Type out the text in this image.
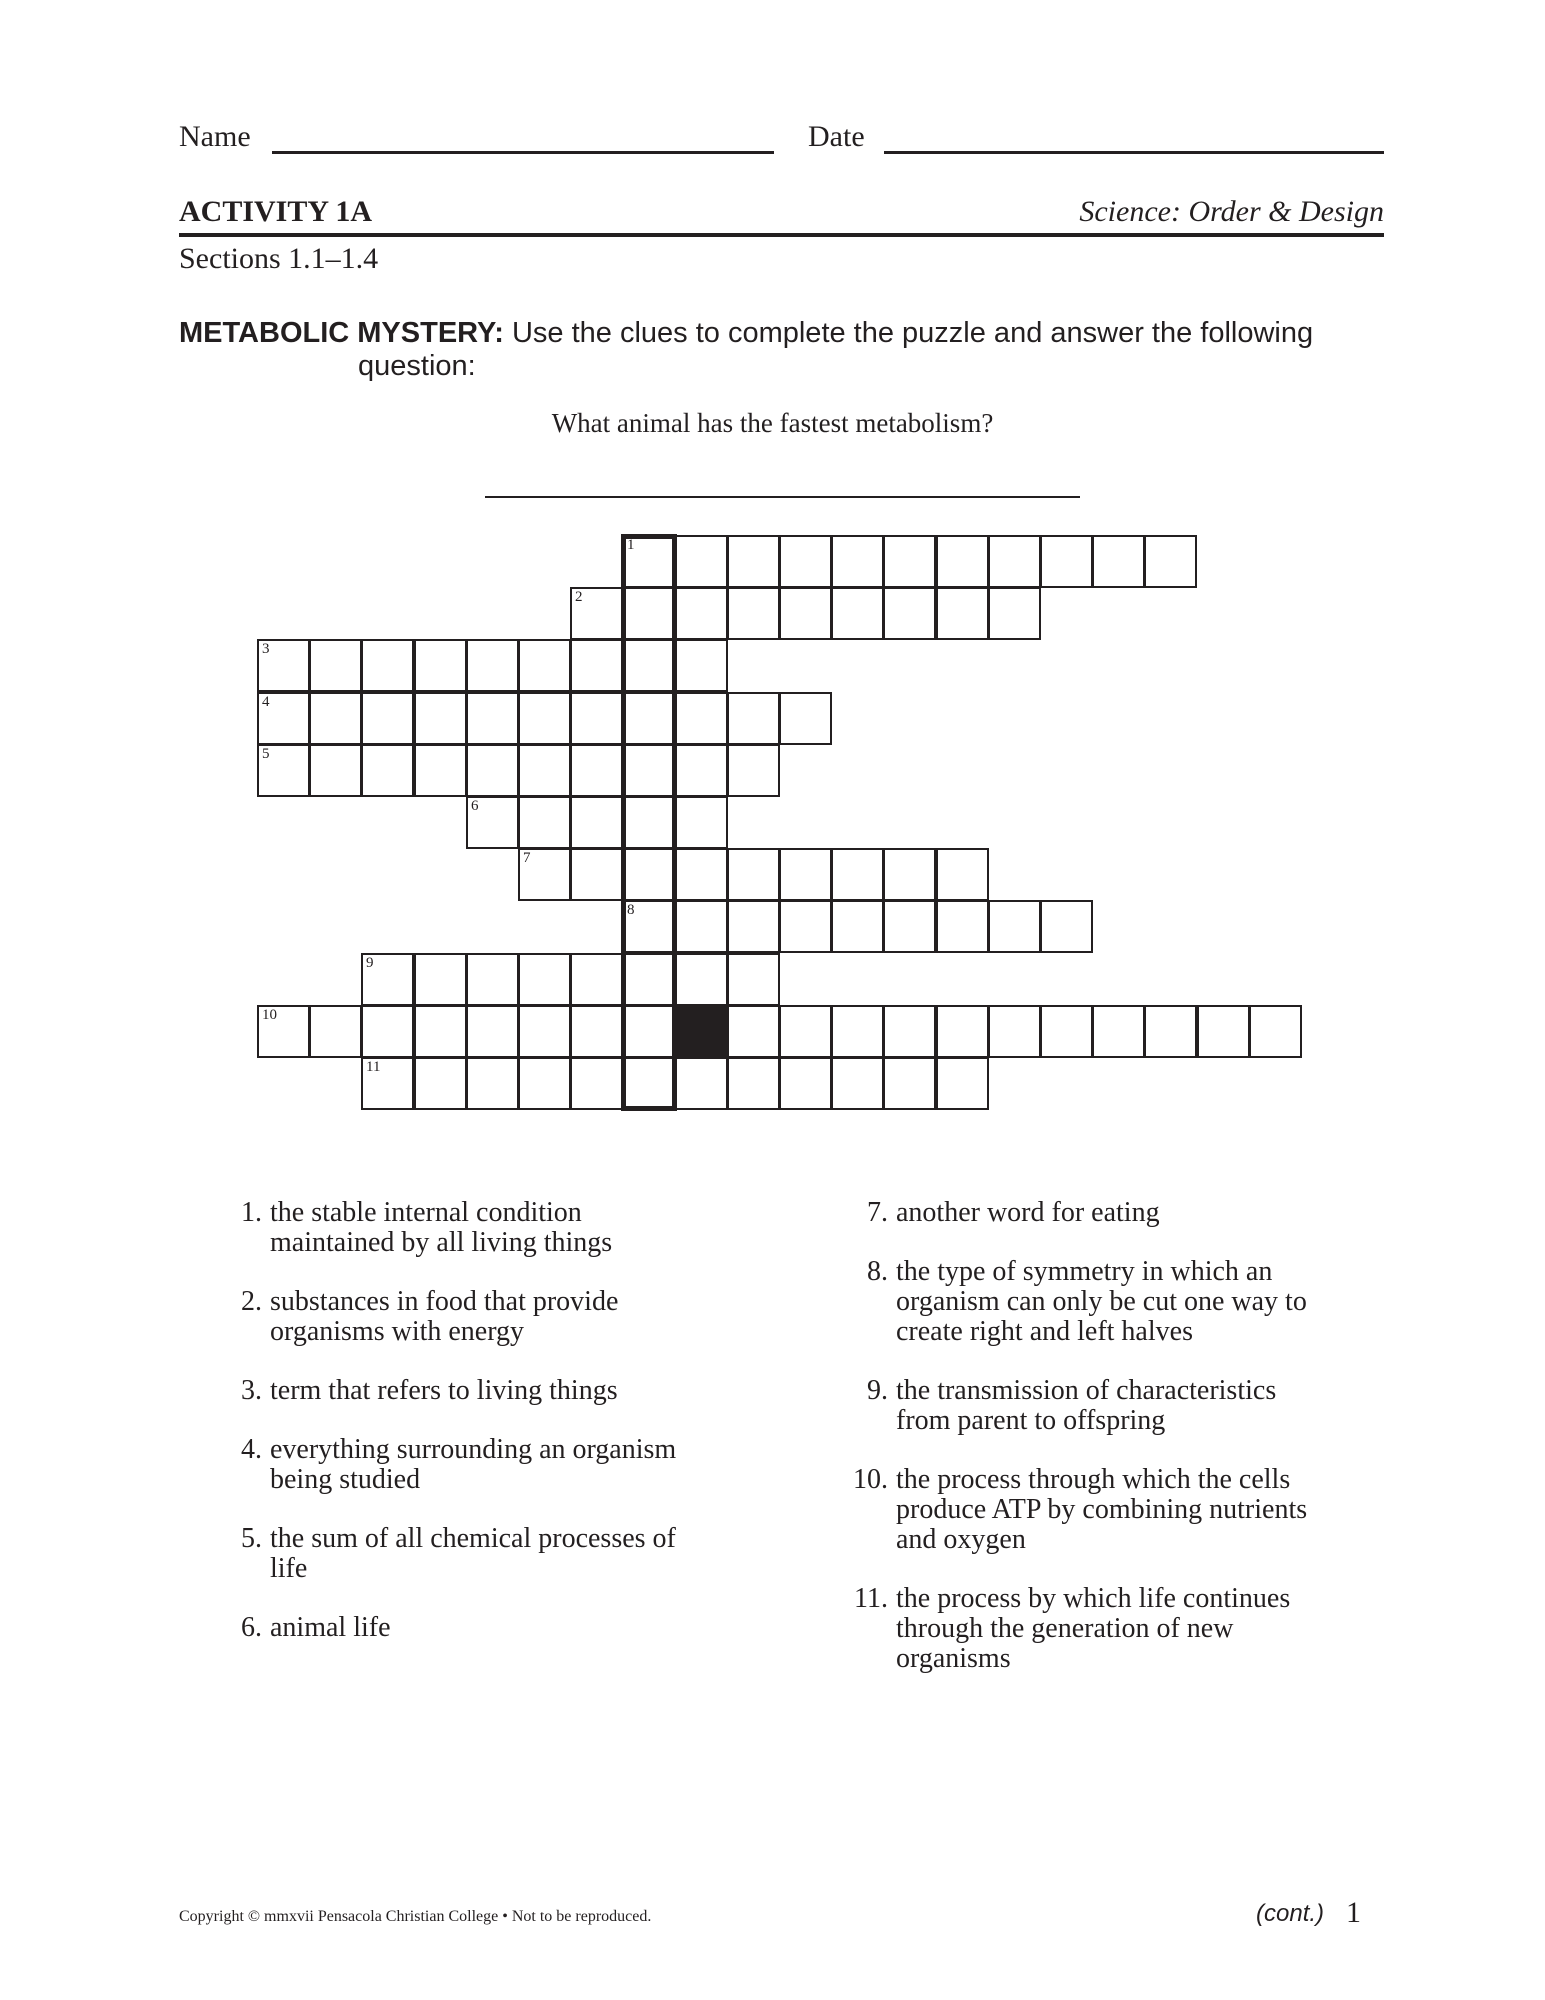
Name	Date
ACTIVITY 1A	Science: Order & Design
Sections 1.1–1.4
METABOLIC MYSTERY: Use the clues to complete the puzzle and answer the following
question:
What animal has the fastest metabolism?
1
2
3
4
5
6
7
8
9
10
11
1. the stable internal condition
maintained by all living things
2. substances in food that provide
organisms with energy
3. term that refers to living things
4. everything surrounding an organism
being studied
5. the sum of all chemical processes of
life
6. animal life
7. another word for eating
8. the type of symmetry in which an
organism can only be cut one way to
create right and left halves
9. the transmission of characteristics
from parent to offspring
10. the process through which the cells
produce ATP by combining nutrients
and oxygen
11. the process by which life continues
through the generation of new
organisms
Copyright © mmxvii Pensacola Christian College • Not to be reproduced.	(cont.) 1
